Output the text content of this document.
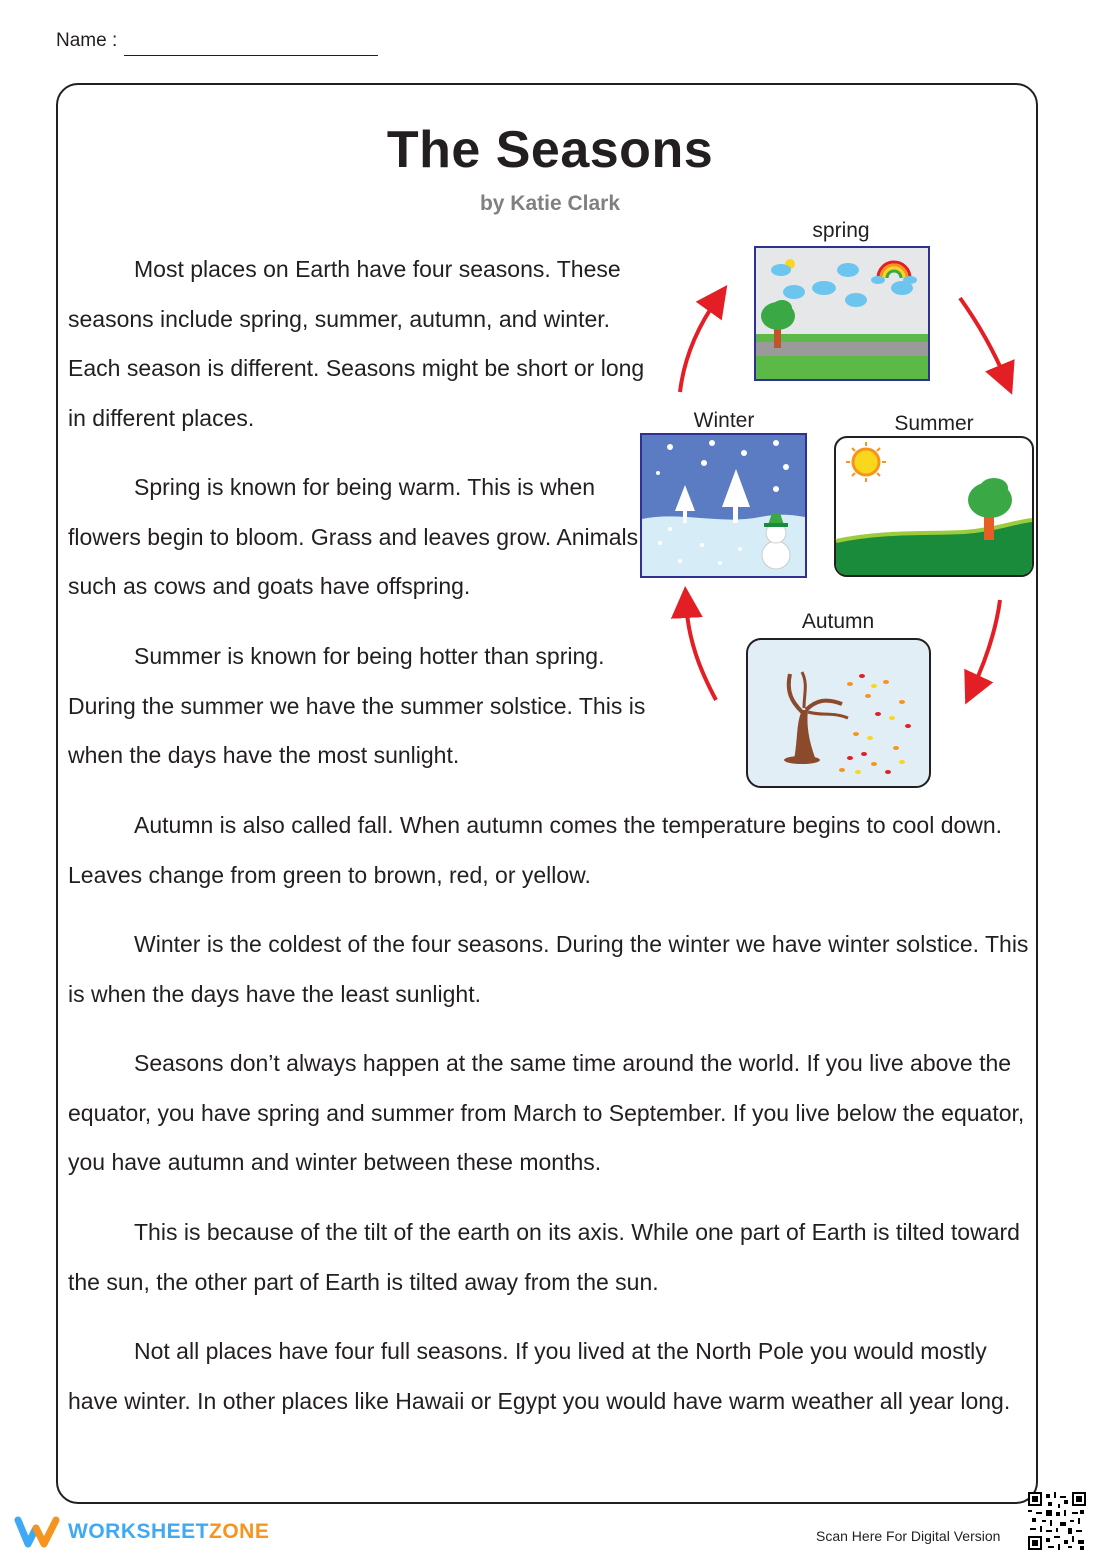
Name :
The Seasons
by Katie Clark

Most places on Earth have four seasons. These seasons include spring, summer, autumn, and winter. Each season is different. Seasons might be short or long in different places.

Spring is known for being warm. This is when flowers begin to bloom. Grass and leaves grow. Animals such as cows and goats have offspring.

Summer is known for being hotter than spring. During the summer we have the summer solstice. This is when the days have the most sunlight.

Autumn is also called fall. When autumn comes the temperature begins to cool down. Leaves change from green to brown, red, or yellow.

Winter is the coldest of the four seasons. During the winter we have winter solstice. This is when the days have the least sunlight.

Seasons don’t always happen at the same time around the world. If you live above the equator, you have spring and summer from March to September. If you live below the equator, you have autumn and winter between these months.

This is because of the tilt of the earth on its axis. While one part of Earth is tilted toward the sun, the other part of Earth is tilted away from the sun.

Not all places have four full seasons. If you lived at the North Pole you would mostly have winter. In other places like Hawaii or Egypt you would have warm weather all year long.

spring
Winter	Summer
Autumn
WORKSHEETZONE	Scan Here For Digital Version
